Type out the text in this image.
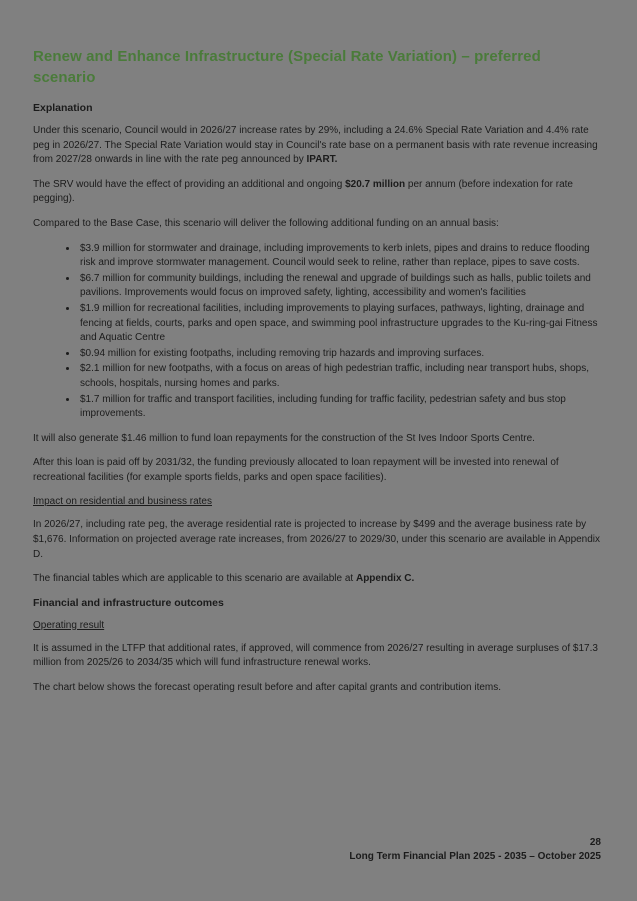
Renew and Enhance Infrastructure (Special Rate Variation) – preferred scenario
Explanation

Under this scenario, Council would in 2026/27 increase rates by 29%, including a 24.6% Special Rate Variation and 4.4% rate peg in 2026/27. The Special Rate Variation would stay in Council's rate base on a permanent basis with rate revenue increasing from 2027/28 onwards in line with the rate peg announced by IPART.

The SRV would have the effect of providing an additional and ongoing $20.7 million per annum (before indexation for rate pegging).

Compared to the Base Case, this scenario will deliver the following additional funding on an annual basis:

• $3.9 million for stormwater and drainage, including improvements to kerb inlets, pipes and drains to reduce flooding risk and improve stormwater management. Council would seek to reline, rather than replace, pipes to save costs.
• $6.7 million for community buildings, including the renewal and upgrade of buildings such as halls, public toilets and pavilions. Improvements would focus on improved safety, lighting, accessibility and women's facilities
• $1.9 million for recreational facilities, including improvements to playing surfaces, pathways, lighting, drainage and fencing at fields, courts, parks and open space, and swimming pool infrastructure upgrades to the Ku-ring-gai Fitness and Aquatic Centre
• $0.94 million for existing footpaths, including removing trip hazards and improving surfaces.
• $2.1 million for new footpaths, with a focus on areas of high pedestrian traffic, including near transport hubs, shops, schools, hospitals, nursing homes and parks.
• $1.7 million for traffic and transport facilities, including funding for traffic facility, pedestrian safety and bus stop improvements.

It will also generate $1.46 million to fund loan repayments for the construction of the St Ives Indoor Sports Centre.

After this loan is paid off by 2031/32, the funding previously allocated to loan repayment will be invested into renewal of recreational facilities (for example sports fields, parks and open space facilities).

Impact on residential and business rates

In 2026/27, including rate peg, the average residential rate is projected to increase by $499 and the average business rate by $1,676. Information on projected average rate increases, from 2026/27 to 2029/30, under this scenario are available in Appendix D.

The financial tables which are applicable to this scenario are available at Appendix C.

Financial and infrastructure outcomes
Operating result

It is assumed in the LTFP that additional rates, if approved, will commence from 2026/27 resulting in average surpluses of $17.3 million from 2025/26 to 2034/35 which will fund infrastructure renewal works.

The chart below shows the forecast operating result before and after capital grants and contribution items.

28
Long Term Financial Plan 2025 - 2035 – October 2025
